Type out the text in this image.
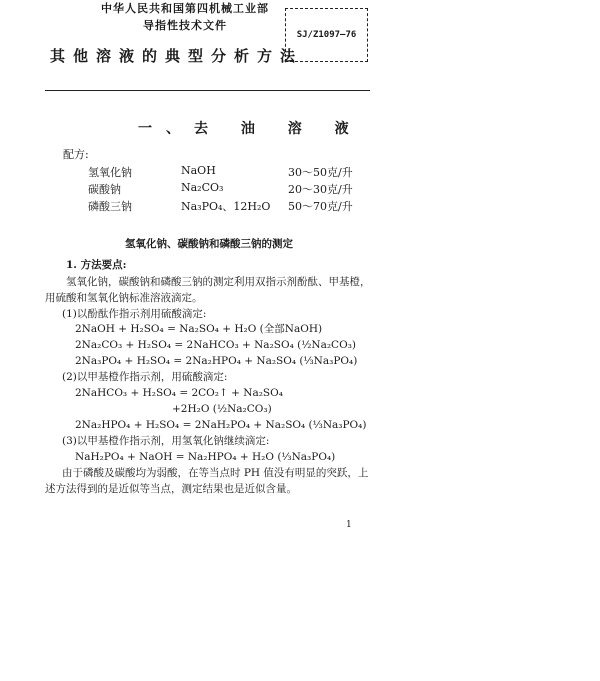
中华人民共和国第四机械工业部
导指性技术文件
SJ/Z1097—76
其他溶液的典型分析方法
一、去 油 溶 液
配方:
氢氧化钠	NaOH	30～50克/升
碳酸钠	Na₂CO₃	20～30克/升
磷酸三钠	Na₃PO₄、12H₂O 50～70克/升
氢氧化钠、碳酸钠和磷酸三钠的测定
1. 方法要点:
氢氧化钠，碳酸钠和磷酸三钠的测定利用双指示剂酚酞、甲基橙，
用硫酸和氢氧化钠标准溶液滴定。
(1)以酚酞作指示剂用硫酸滴定:
2NaOH + H₂SO₄ = Na₂SO₄ + H₂O (全部NaOH)
2Na₂CO₃ + H₂SO₄ = 2NaHCO₃ + Na₂SO₄ (½Na₂CO₃)
2Na₃PO₄ + H₂SO₄ = 2Na₂HPO₄ + Na₂SO₄ (⅓Na₃PO₄)
(2)以甲基橙作指示剂，用硫酸滴定:
2NaHCO₃ + H₂SO₄ = 2CO₂↑ + Na₂SO₄
+2H₂O (½Na₂CO₃)
2Na₂HPO₄ + H₂SO₄ = 2NaH₂PO₄ + Na₂SO₄ (⅓Na₃PO₄)
(3)以甲基橙作指示剂，用氢氧化钠继续滴定:
NaH₂PO₄ + NaOH = Na₂HPO₄ + H₂O (⅓Na₃PO₄)
由于磷酸及碳酸均为弱酸，在等当点时 PH 值没有明显的突跃，上
述方法得到的是近似等当点，测定结果也是近似含量。
1
